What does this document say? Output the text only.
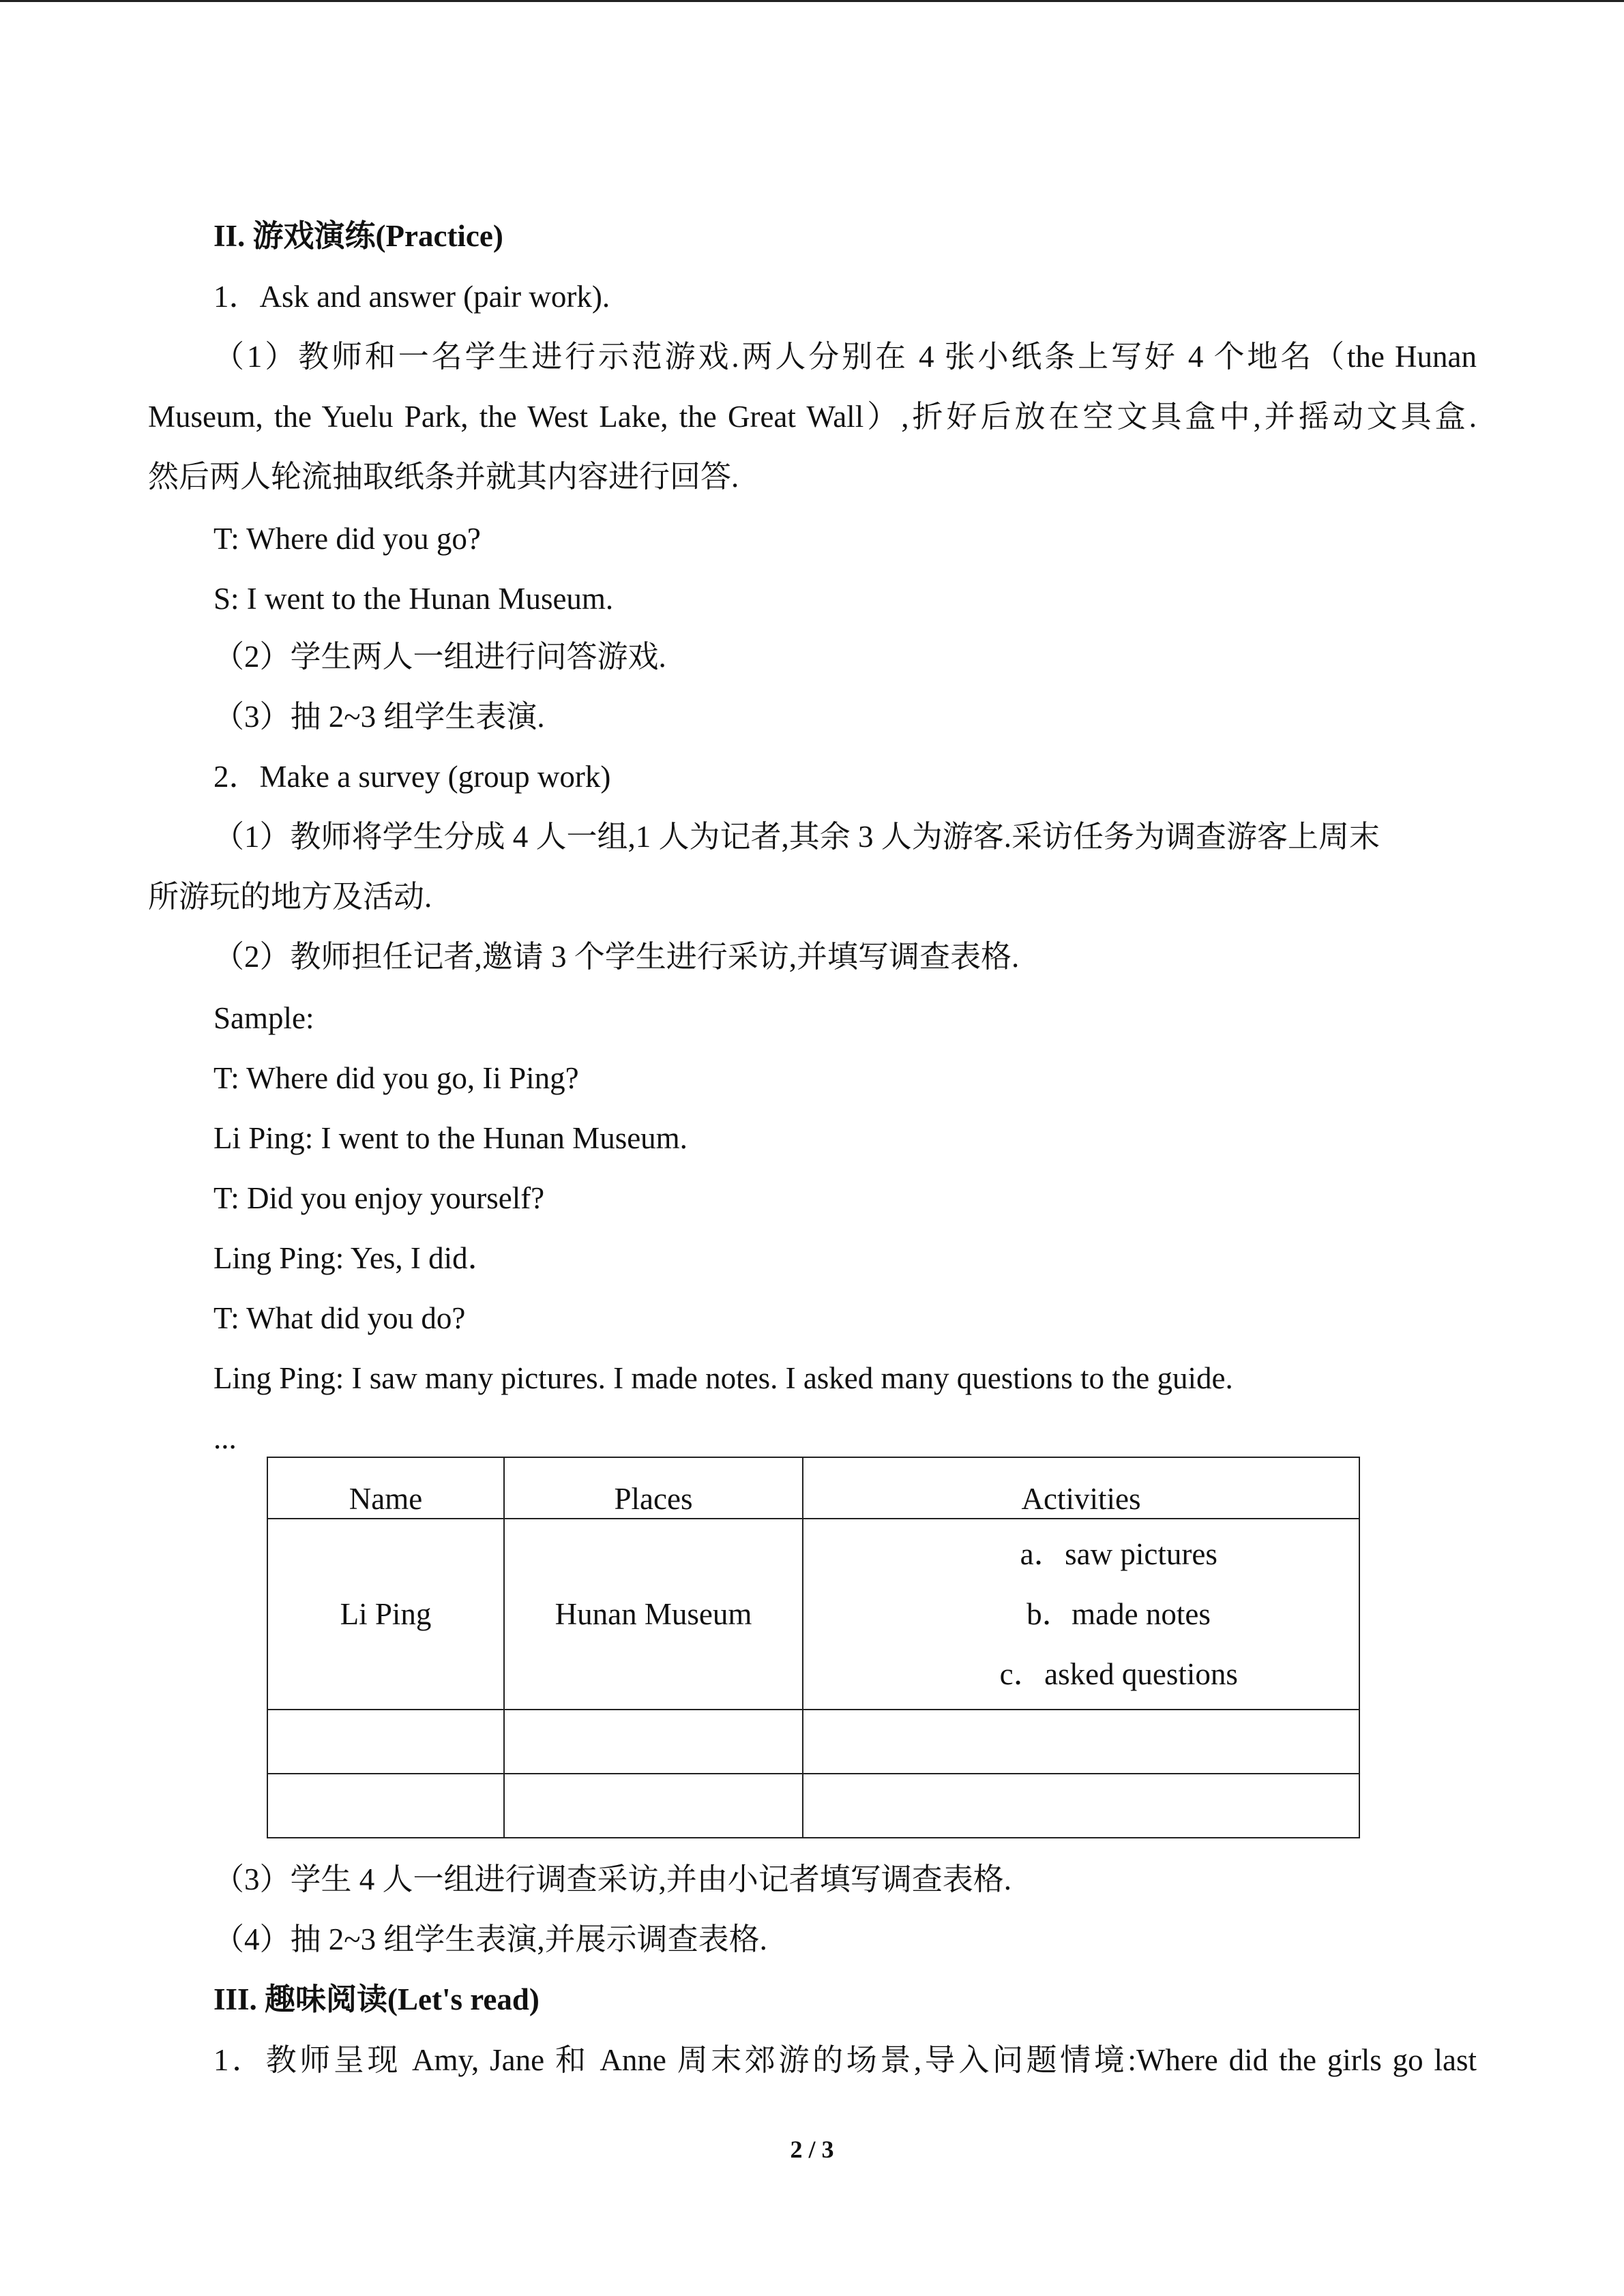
II. 游戏演练(Practice)
1．Ask and answer (pair work).
（1）教师和一名学生进行示范游戏.两人分别在 4 张小纸条上写好 4 个地名（the Hunan
Museum, the Yuelu Park, the West Lake, the Great Wall）,折好后放在空文具盒中,并摇动文具盒.
然后两人轮流抽取纸条并就其内容进行回答.
T: Where did you go?
S: I went to the Hunan Museum.
（2）学生两人一组进行问答游戏.
（3）抽 2~3 组学生表演.
2．Make a survey (group work)
（1）教师将学生分成 4 人一组,1 人为记者,其余 3 人为游客.采访任务为调查游客上周末
所游玩的地方及活动.
（2）教师担任记者,邀请 3 个学生进行采访,并填写调查表格.
Sample:
T: Where did you go, Ii Ping?
Li Ping: I went to the Hunan Museum.
T: Did you enjoy yourself?
Ling Ping: Yes, I did．
T: What did you do?
Ling Ping: I saw many pictures. I made notes. I asked many questions to the guide.
...
Name	Places	Activities
Li Ping	Hunan Museum	a．saw pictures
b．made notes
c．asked questions

（3）学生 4 人一组进行调查采访,并由小记者填写调查表格.
（4）抽 2~3 组学生表演,并展示调查表格.
III. 趣味阅读(Let's read)
1．教师呈现 Amy, Jane 和 Anne 周末郊游的场景,导入问题情境:Where did the girls go last
2 / 3
